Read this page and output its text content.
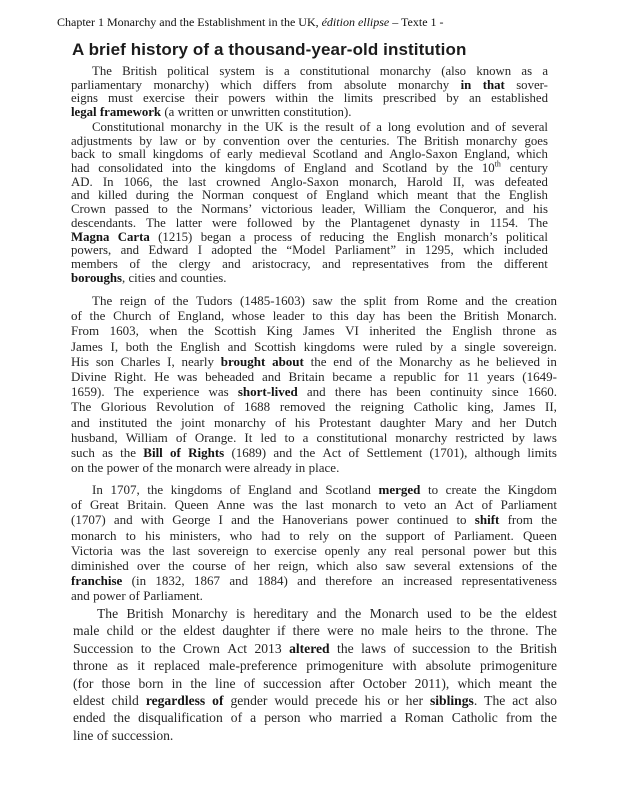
Chapter 1 Monarchy and the Establishment in the UK, édition ellipse – Texte 1 -
A brief history of a thousand-year-old institution
The British political system is a constitutional monarchy (also known as a
parliamentary monarchy) which differs from absolute monarchy in that sover-
eigns must exercise their powers within the limits prescribed by an established
legal framework (a written or unwritten constitution).
Constitutional monarchy in the UK is the result of a long evolution and of several
adjustments by law or by convention over the centuries. The British monarchy goes
back to small kingdoms of early medieval Scotland and Anglo-Saxon England, which
had consolidated into the kingdoms of England and Scotland by the 10th century
AD. In 1066, the last crowned Anglo-Saxon monarch, Harold II, was defeated
and killed during the Norman conquest of England which meant that the English
Crown passed to the Normans’ victorious leader, William the Conqueror, and his
descendants. The latter were followed by the Plantagenet dynasty in 1154. The
Magna Carta (1215) began a process of reducing the English monarch’s political
powers, and Edward I adopted the “Model Parliament” in 1295, which included
members of the clergy and aristocracy, and representatives from the different
boroughs, cities and counties.
The reign of the Tudors (1485-1603) saw the split from Rome and the creation
of the Church of England, whose leader to this day has been the British Monarch.
From 1603, when the Scottish King James VI inherited the English throne as
James I, both the English and Scottish kingdoms were ruled by a single sovereign.
His son Charles I, nearly brought about the end of the Monarchy as he believed in
Divine Right. He was beheaded and Britain became a republic for 11 years (1649-
1659). The experience was short-lived and there has been continuity since 1660.
The Glorious Revolution of 1688 removed the reigning Catholic king, James II,
and instituted the joint monarchy of his Protestant daughter Mary and her Dutch
husband, William of Orange. It led to a constitutional monarchy restricted by laws
such as the Bill of Rights (1689) and the Act of Settlement (1701), although limits
on the power of the monarch were already in place.
In 1707, the kingdoms of England and Scotland merged to create the Kingdom
of Great Britain. Queen Anne was the last monarch to veto an Act of Parliament
(1707) and with George I and the Hanoverians power continued to shift from the
monarch to his ministers, who had to rely on the support of Parliament. Queen
Victoria was the last sovereign to exercise openly any real personal power but this
diminished over the course of her reign, which also saw several extensions of the
franchise (in 1832, 1867 and 1884) and therefore an increased representativeness
and power of Parliament.
The British Monarchy is hereditary and the Monarch used to be the eldest
male child or the eldest daughter if there were no male heirs to the throne. The
Succession to the Crown Act 2013 altered the laws of succession to the British
throne as it replaced male-preference primogeniture with absolute primogeniture
(for those born in the line of succession after October 2011), which meant the
eldest child regardless of gender would precede his or her siblings. The act also
ended the disqualification of a person who married a Roman Catholic from the
line of succession.
